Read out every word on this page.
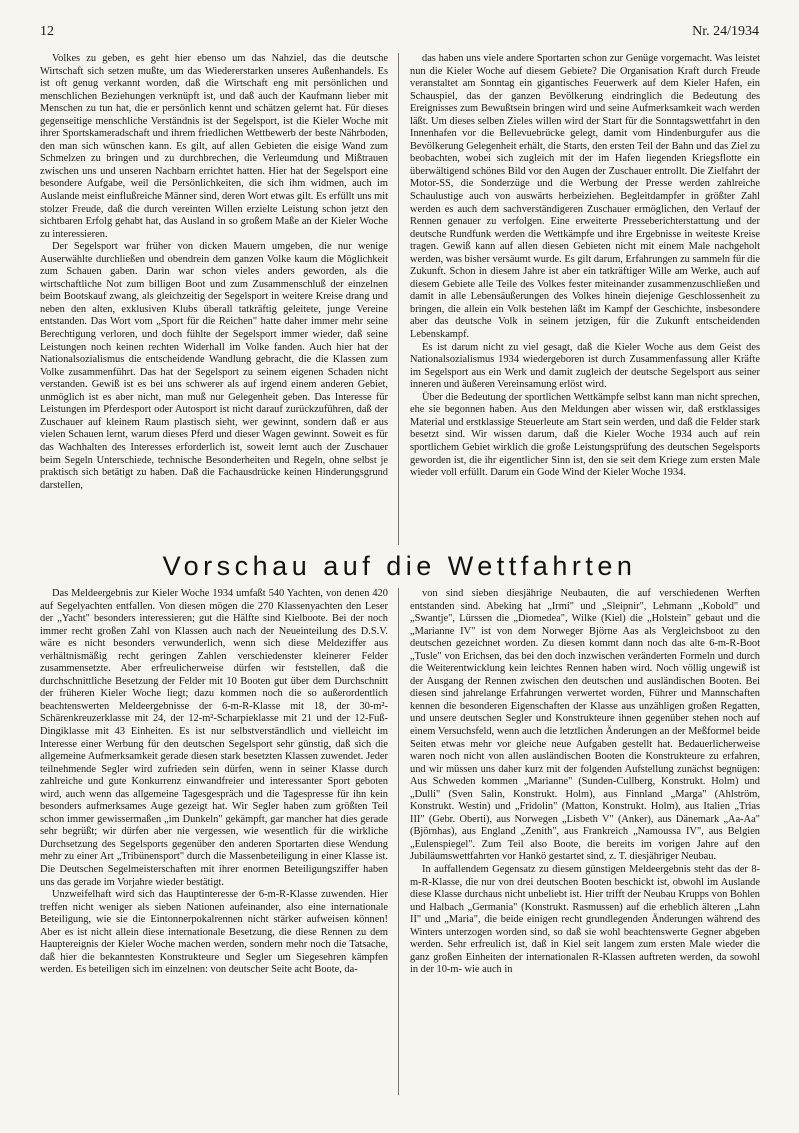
12	Nr. 24/1934

Volkes zu geben, es geht hier ebenso um das Nahziel, das die deutsche Wirtschaft sich setzen mußte, um das Wiedererstarken unseres Außenhandels. Es ist oft genug verkannt worden, daß die Wirtschaft eng mit persönlichen und menschlichen Beziehungen verknüpft ist, und daß auch der Kaufmann lieber mit Menschen zu tun hat, die er persönlich kennt und schätzen gelernt hat. Für dieses gegenseitige menschliche Verständnis ist der Segelsport, ist die Kieler Woche mit ihrer Sportskameradschaft und ihrem friedlichen Wettbewerb der beste Nährboden, den man sich wünschen kann. Es gilt, auf allen Gebieten die eisige Wand zum Schmelzen zu bringen und zu durchbrechen, die Verleumdung und Mißtrauen zwischen uns und unseren Nachbarn errichtet hatten. Hier hat der Segelsport eine besondere Aufgabe, weil die Persönlichkeiten, die sich ihm widmen, auch im Auslande meist einflußreiche Männer sind, deren Wort etwas gilt. Es erfüllt uns mit stolzer Freude, daß die durch vereinten Willen erzielte Leistung schon jetzt den sichtbaren Erfolg gehabt hat, das Ausland in so großem Maße an der Kieler Woche zu interessieren.

Der Segelsport war früher von dicken Mauern umgeben, die nur wenige Auserwählte durchließen und obendrein dem ganzen Volke kaum die Möglichkeit zum Schauen gaben. Darin war schon vieles anders geworden, als die wirtschaftliche Not zum billigen Boot und zum Zusammenschluß der einzelnen beim Bootskauf zwang, als gleichzeitig der Segelsport in weitere Kreise drang und neben den alten, exklusiven Klubs überall tatkräftig geleitete, junge Vereine entstanden. Das Wort vom „Sport für die Reichen" hatte daher immer mehr seine Berechtigung verloren, und doch fühlte der Segelsport immer wieder, daß seine Leistungen noch keinen rechten Widerhall im Volke fanden. Auch hier hat der Nationalsozialismus die entscheidende Wandlung gebracht, die die Klassen zum Volke zusammenführt. Das hat der Segelsport zu seinem eigenen Schaden nicht verstanden. Gewiß ist es bei uns schwerer als auf irgend einem anderen Gebiet, unmöglich ist es aber nicht, man muß nur Gelegenheit geben. Das Interesse für Leistungen im Pferdesport oder Autosport ist nicht darauf zurückzuführen, daß der Zuschauer auf kleinem Raum plastisch sieht, wer gewinnt, sondern daß er aus vielen Schauen lernt, warum dieses Pferd und dieser Wagen gewinnt. Soweit es für das Wachhalten des Interesses erforderlich ist, soweit lernt auch der Zuschauer beim Segeln Unterschiede, technische Besonderheiten und Regeln, ohne selbst je praktisch sich betätigt zu haben. Daß die Fachausdrücke keinen Hinderungsgrund darstellen,

das haben uns viele andere Sportarten schon zur Genüge vorgemacht. Was leistet nun die Kieler Woche auf diesem Gebiete? Die Organisation Kraft durch Freude veranstaltet am Sonntag ein gigantisches Feuerwerk auf dem Kieler Hafen, ein Schauspiel, das der ganzen Bevölkerung eindringlich die Bedeutung des Ereignisses zum Bewußtsein bringen wird und seine Aufmerksamkeit wach werden läßt. Um dieses selben Zieles willen wird der Start für die Sonntagswettfahrt in den Innenhafen vor die Bellevuebrücke gelegt, damit vom Hindenburgufer aus die Bevölkerung Gelegenheit erhält, die Starts, den ersten Teil der Bahn und das Ziel zu beobachten, wobei sich zugleich mit der im Hafen liegenden Kriegsflotte ein überwältigend schönes Bild vor den Augen der Zuschauer entrollt. Die Zielfahrt der Motor-SS, die Sonderzüge und die Werbung der Presse werden zahlreiche Schaulustige auch von auswärts herbeiziehen. Begleitdampfer in größter Zahl werden es auch dem sachverständigeren Zuschauer ermöglichen, den Verlauf der Rennen genauer zu verfolgen. Eine erweiterte Presseberichterstattung und der deutsche Rundfunk werden die Wettkämpfe und ihre Ergebnisse in weiteste Kreise tragen. Gewiß kann auf allen diesen Gebieten nicht mit einem Male nachgeholt werden, was bisher versäumt wurde. Es gilt darum, Erfahrungen zu sammeln für die Zukunft. Schon in diesem Jahre ist aber ein tatkräftiger Wille am Werke, auch auf diesem Gebiete alle Teile des Volkes fester miteinander zusammenzuschließen und damit in alle Lebensäußerungen des Volkes hinein diejenige Geschlossenheit zu bringen, die allein ein Volk bestehen läßt im Kampf der Geschichte, insbesondere aber das deutsche Volk in seinem jetzigen, für die Zukunft entscheidenden Lebenskampf.

Es ist darum nicht zu viel gesagt, daß die Kieler Woche aus dem Geist des Nationalsozialismus 1934 wiedergeboren ist durch Zusammenfassung aller Kräfte im Segelsport aus ein Werk und damit zugleich der deutsche Segelsport aus seiner inneren und äußeren Vereinsamung erlöst wird.

Über die Bedeutung der sportlichen Wettkämpfe selbst kann man nicht sprechen, ehe sie begonnen haben. Aus den Meldungen aber wissen wir, daß erstklassiges Material und erstklassige Steuerleute am Start sein werden, und daß die Felder stark besetzt sind. Wir wissen darum, daß die Kieler Woche 1934 auch auf rein sportlichem Gebiet wirklich die große Leistungsprüfung des deutschen Segelsports geworden ist, die ihr eigentlicher Sinn ist, den sie seit dem Kriege zum ersten Male wieder voll erfüllt. Darum ein Gode Wind der Kieler Woche 1934.

Vorschau auf die Wettfahrten

Das Meldeergebnis zur Kieler Woche 1934 umfaßt 540 Yachten, von denen 420 auf Segelyachten entfallen. Von diesen mögen die 270 Klassenyachten den Leser der „Yacht" besonders interessieren; gut die Hälfte sind Kielboote. Bei der noch immer recht großen Zahl von Klassen auch nach der Neueinteilung des D.S.V. wäre es nicht besonders verwunderlich, wenn sich diese Meldeziffer aus verhältnismäßig recht geringen Zahlen verschiedenster kleinerer Felder zusammensetzte. Aber erfreulicherweise dürfen wir feststellen, daß die durchschnittliche Besetzung der Felder mit 10 Booten gut über dem Durchschnitt der früheren Kieler Woche liegt; dazu kommen noch die so außerordentlich beachtenswerten Meldeergebnisse der 6-m-R-Klasse mit 18, der 30-m²-Schärenkreuzerklasse mit 24, der 12-m²-Scharpieklasse mit 21 und der 12-Fuß-Dingiklasse mit 43 Einheiten. Es ist nur selbstverständlich und vielleicht im Interesse einer Werbung für den deutschen Segelsport sehr günstig, daß sich die allgemeine Aufmerksamkeit gerade diesen stark besetzten Klassen zuwendet. Jeder teilnehmende Segler wird zufrieden sein dürfen, wenn in seiner Klasse durch zahlreiche und gute Konkurrenz einwandfreier und interessanter Sport geboten wird, auch wenn das allgemeine Tagesgespräch und die Tagespresse für ihn kein besonders aufmerksames Auge gezeigt hat. Wir Segler haben zum größten Teil schon immer gewissermaßen „im Dunkeln" gekämpft, gar mancher hat dies gerade sehr begrüßt; wir dürfen aber nie vergessen, wie wesentlich für die wirkliche Durchsetzung des Segelsports gegenüber den anderen Sportarten diese Wendung mehr zu einer Art „Tribünensport" durch die Massenbeteiligung in einer Klasse ist. Die Deutschen Segelmeisterschaften mit ihrer enormen Beteiligungsziffer haben uns das gerade im Vorjahre wieder bestätigt.

Unzweifelhaft wird sich das Hauptinteresse der 6-m-R-Klasse zuwenden. Hier treffen nicht weniger als sieben Nationen aufeinander, also eine internationale Beteiligung, wie sie die Eintonnerpokalrennen nicht stärker aufweisen können! Aber es ist nicht allein diese internationale Besetzung, die diese Rennen zu dem Hauptereignis der Kieler Woche machen werden, sondern mehr noch die Tatsache, daß hier die bekanntesten Konstrukteure und Segler um Siegesehren kämpfen werden. Es beteiligen sich im einzelnen: von deutscher Seite acht Boote, da-

von sind sieben diesjährige Neubauten, die auf verschiedenen Werften entstanden sind. Abeking hat „Irmi" und „Sleipnir", Lehmann „Kobold" und „Swantje", Lürssen die „Diomedea", Wilke (Kiel) die „Holstein" gebaut und die „Marianne IV" ist von dem Norweger Björne Aas als Vergleichsboot zu den deutschen gezeichnet worden. Zu diesen kommt dann noch das alte 6-m-R-Boot „Tusle" von Erichsen, das bei den doch inzwischen veränderten Formeln und durch die Weiterentwicklung kein leichtes Rennen haben wird. Noch völlig ungewiß ist der Ausgang der Rennen zwischen den deutschen und ausländischen Booten. Bei diesen sind jahrelange Erfahrungen verwertet worden, Führer und Mannschaften kennen die besonderen Eigenschaften der Klasse aus unzähligen großen Regatten, und unsere deutschen Segler und Konstrukteure ihnen gegenüber stehen noch auf einem Versuchsfeld, wenn auch die letztlichen Änderungen an der Meßformel beide Seiten etwas mehr vor gleiche neue Aufgaben gestellt hat. Bedauerlicherweise waren noch nicht von allen ausländischen Booten die Konstrukteure zu erfahren, und wir müssen uns daher kurz mit der folgenden Aufstellung zunächst begnügen: Aus Schweden kommen „Marianne" (Sunden-Cullberg, Konstrukt. Holm) und „Dulli" (Sven Salin, Konstrukt. Holm), aus Finnland „Marga" (Ahlström, Konstrukt. Westin) und „Fridolin" (Matton, Konstrukt. Holm), aus Italien „Trias III" (Gebr. Oberti), aus Norwegen „Lisbeth V" (Anker), aus Dänemark „Aa-Aa" (Björnhas), aus England „Zenith", aus Frankreich „Namoussa IV", aus Belgien „Eulenspiegel". Zum Teil also Boote, die bereits im vorigen Jahre auf den Jubiläumswettfahrten vor Hankö gestartet sind, z. T. diesjähriger Neubau.

In auffallendem Gegensatz zu diesem günstigen Meldeergebnis steht das der 8-m-R-Klasse, die nur von drei deutschen Booten beschickt ist, obwohl im Auslande diese Klasse durchaus nicht unbeliebt ist. Hier trifft der Neubau Krupps von Bohlen und Halbach „Germania" (Konstrukt. Rasmussen) auf die erheblich älteren „Lahn II" und „Maria", die beide einigen recht grundlegenden Änderungen während des Winters unterzogen worden sind, so daß sie wohl beachtenswerte Gegner abgeben werden. Sehr erfreulich ist, daß in Kiel seit langem zum ersten Male wieder die ganz großen Einheiten der internationalen R-Klassen auftreten werden, da sowohl in der 10-m- wie auch in
